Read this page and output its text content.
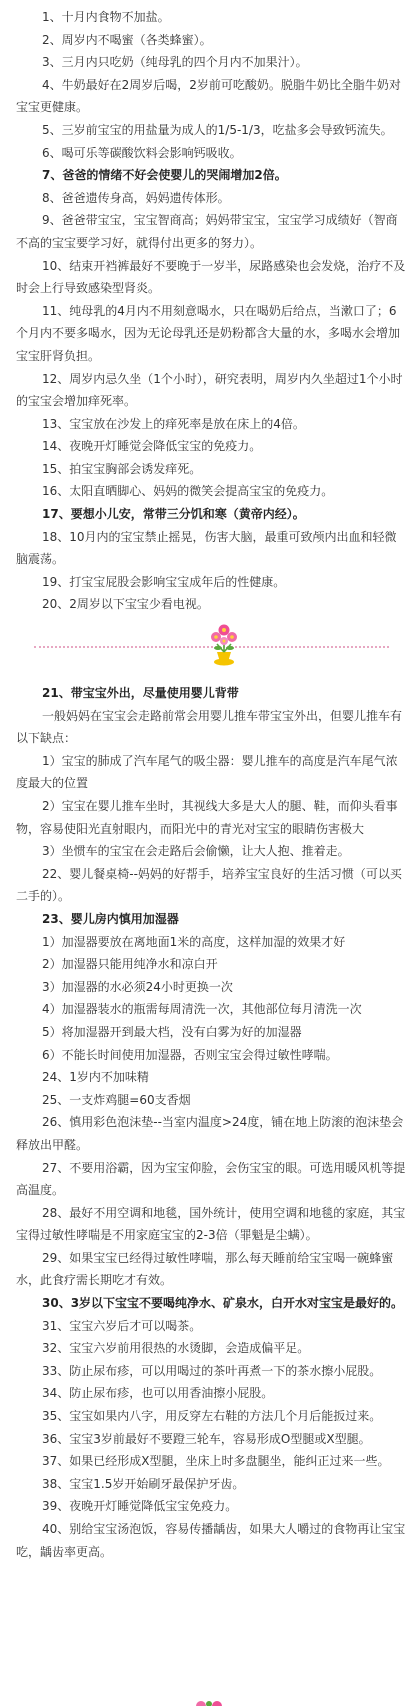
1、十月内食物不加盐。

2、周岁内不喝蜜（各类蜂蜜）。

3、三月内只吃奶（纯母乳的四个月内不加果汁）。

4、牛奶最好在2周岁后喝，2岁前可吃酸奶。脱脂牛奶比全脂牛奶对宝宝更健康。

5、三岁前宝宝的用盐量为成人的1/5-1/3，吃盐多会导致钙流失。

6、喝可乐等碳酸饮料会影响钙吸收。

7、爸爸的情绪不好会使婴儿的哭闹增加2倍。

8、爸爸遗传身高，妈妈遗传体形。

9、爸爸带宝宝，宝宝智商高；妈妈带宝宝，宝宝学习成绩好（智商不高的宝宝要学习好，就得付出更多的努力）。

10、结束开裆裤最好不要晚于一岁半，尿路感染也会发烧，治疗不及时会上行导致感染型肾炎。

11、纯母乳的4月内不用刻意喝水，只在喝奶后给点，当漱口了；6个月内不要多喝水，因为无论母乳还是奶粉都含大量的水，多喝水会增加宝宝肝肾负担。

12、周岁内忌久坐（1个小时），研究表明，周岁内久坐超过1个小时的宝宝会增加痒死率。

13、宝宝放在沙发上的痒死率是放在床上的4倍。

14、夜晚开灯睡觉会降低宝宝的免疫力。

15、拍宝宝胸部会诱发痒死。

16、太阳直晒脚心、妈妈的微笑会提高宝宝的免疫力。

17、要想小儿安，常带三分饥和寒（黄帝内经）。

18、10月内的宝宝禁止摇晃，伤害大脑，最重可致颅内出血和轻微脑震荡。

19、打宝宝屁股会影响宝宝成年后的性健康。

20、2周岁以下宝宝少看电视。

21、带宝宝外出，尽量使用婴儿背带

一般妈妈在宝宝会走路前常会用婴儿推车带宝宝外出，但婴儿推车有以下缺点：

1）宝宝的肺成了汽车尾气的吸尘器：婴儿推车的高度是汽车尾气浓度最大的位置

2）宝宝在婴儿推车坐时，其视线大多是大人的腿、鞋，而仰头看事物，容易使阳光直射眼内，而阳光中的青光对宝宝的眼睛伤害极大

3）坐惯车的宝宝在会走路后会偷懒，让大人抱、推着走。

22、婴儿餐桌椅--妈妈的好帮手，培养宝宝良好的生活习惯（可以买二手的）。

23、婴儿房内慎用加湿器

1）加湿器要放在离地面1米的高度，这样加湿的效果才好

2）加湿器只能用纯净水和凉白开

3）加湿器的水必须24小时更换一次

4）加湿器装水的瓶需每周清洗一次，其他部位每月清洗一次

5）将加湿器开到最大档，没有白雾为好的加湿器

6）不能长时间使用加湿器，否则宝宝会得过敏性哮喘。

24、1岁内不加味精

25、一支炸鸡腿=60支香烟

26、慎用彩色泡沫垫--当室内温度>24度，铺在地上防滚的泡沫垫会释放出甲醛。

27、不要用浴霸，因为宝宝仰脸，会伤宝宝的眼。可选用暖风机等提高温度。

28、最好不用空调和地毯，国外统计，使用空调和地毯的家庭，其宝宝得过敏性哮喘是不用家庭宝宝的2-3倍（罪魁是尘螨）。

29、如果宝宝已经得过敏性哮喘，那么每天睡前给宝宝喝一碗蜂蜜水，此食疗需长期吃才有效。

30、3岁以下宝宝不要喝纯净水、矿泉水，白开水对宝宝是最好的。

31、宝宝六岁后才可以喝茶。

32、宝宝六岁前用很热的水烫脚，会造成偏平足。

33、防止尿布疹，可以用喝过的茶叶再煮一下的茶水擦小屁股。

34、防止尿布疹，也可以用香油擦小屁股。

35、宝宝如果内八字，用反穿左右鞋的方法几个月后能扳过来。

36、宝宝3岁前最好不要蹬三轮车，容易形成O型腿或X型腿。

37、如果已经形成X型腿，坐床上时多盘腿坐，能纠正过来一些。

38、宝宝1.5岁开始刷牙最保护牙齿。

39、夜晚开灯睡觉降低宝宝免疫力。

40、别给宝宝汤泡饭，容易传播龋齿，如果大人嚼过的食物再让宝宝吃，龋齿率更高。
